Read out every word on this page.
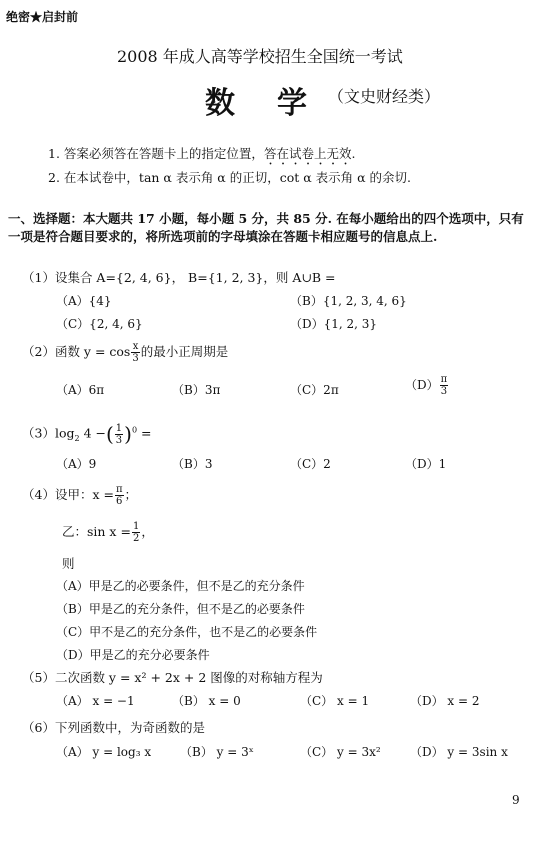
绝密★启封前
2008 年成人高等学校招生全国统一考试
数 学 （文史财经类）
1. 答案必须答在答题卡上的指定位置，答在试卷上无效.
2. 在本试卷中，tan α 表示角 α 的正切，cot α 表示角 α 的余切.
一、选择题：本大题共 17 小题，每小题 5 分，共 85 分. 在每小题给出的四个选项中，只有一项是符合题目要求的，将所选项前的字母填涂在答题卡相应题号的信息点上.
（1）设集合 A={2, 4, 6}， B={1, 2, 3}，则 A∪B =
（A）{4}	（B）{1, 2, 3, 4, 6}
（C）{2, 4, 6}	（D）{1, 2, 3}
（2）函数 $y = \cos \frac{x}{3}$ 的最小正周期是
（A）6π	（B）3π	（C）2π	$(D) \frac{\pi}{3}$
$(3)\log_2$ 4 −( $\frac{1}{3} )^0$ =
（A）9	（B）3	（C）2	（D）1
（4）设甲：$x = \frac{\pi}{6}$ ；
乙：$\sin x = \frac{1}{2}$ ，
则
（A）甲是乙的必要条件，但不是乙的充分条件
（B）甲是乙的充分条件，但不是乙的必要条件
（C）甲不是乙的充分条件，也不是乙的必要条件
（D）甲是乙的充分必要条件
（5）二次函数 y = x² + 2x + 2 图像的对称轴方程为
（A） x = −1	（B） x = 0	（C） x = 1	（D） x = 2
（6）下列函数中，为奇函数的是
（A） y = log₃ x （B） y = 3ˣ	（C） y = 3x² （D） y = 3sin x
9
